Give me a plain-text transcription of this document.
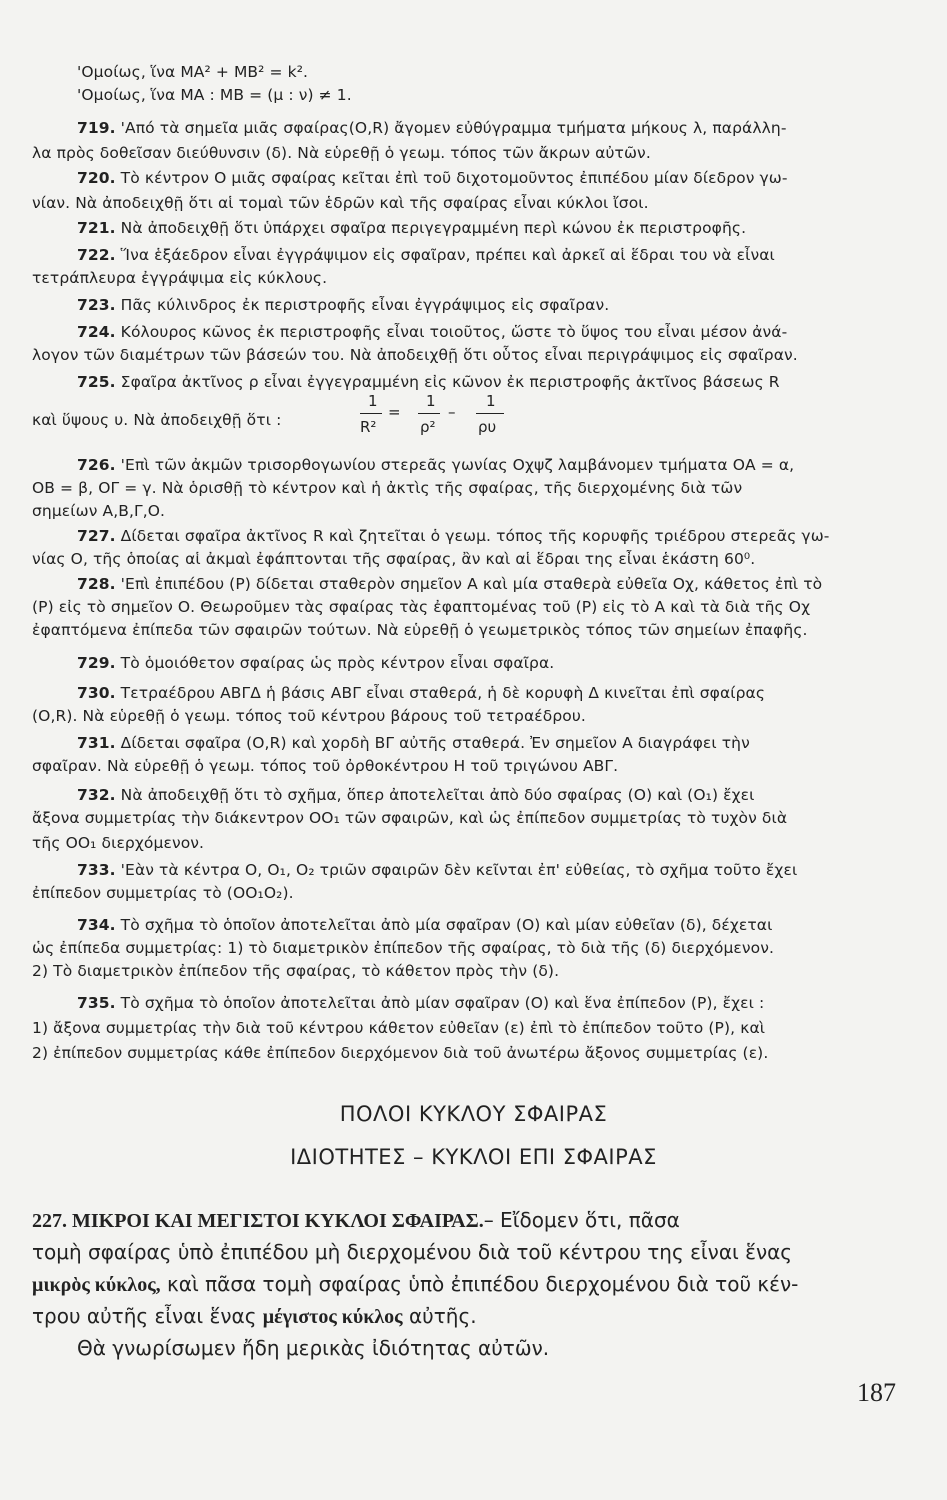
'Ομοίως, ἵνα ΜΑ² + ΜΒ² = k².
'Ομοίως, ἵνα ΜΑ : ΜΒ = (μ : ν) ≠ 1.
719. 'Από τὰ σημεῖα μιᾶς σφαίρας(Ο,R) ἄγομεν εὐθύγραμμα τμήματα μήκους λ, παράλλη-
λα πρὸς δοθεῖσαν διεύθυνσιν (δ). Νὰ εὑρεθῇ ὁ γεωμ. τόπος τῶν ἄκρων αὐτῶν.
720. Τὸ κέντρον Ο μιᾶς σφαίρας κεῖται ἐπὶ τοῦ διχοτομοῦντος ἐπιπέδου μίαν δίεδρον γω-
νίαν. Νὰ ἀποδειχθῇ ὅτι αἱ τομαὶ τῶν ἑδρῶν καὶ τῆς σφαίρας εἶναι κύκλοι ἴσοι.
721. Νὰ ἀποδειχθῇ ὅτι ὑπάρχει σφαῖρα περιγεγραμμένη περὶ κώνου ἐκ περιστροφῆς.
722. Ἵνα ἑξάεδρον εἶναι ἐγγράψιμον εἰς σφαῖραν, πρέπει καὶ ἀρκεῖ αἱ ἕδραι του νὰ εἶναι
τετράπλευρα ἐγγράψιμα εἰς κύκλους.
723. Πᾶς κύλινδρος ἐκ περιστροφῆς εἶναι ἐγγράψιμος εἰς σφαῖραν.
724. Κόλουρος κῶνος ἐκ περιστροφῆς εἶναι τοιοῦτος, ὥστε τὸ ὕψος του εἶναι μέσον ἀνά-
λογον τῶν διαμέτρων τῶν βάσεών του. Νὰ ἀποδειχθῇ ὅτι οὗτος εἶναι περιγράψιμος εἰς σφαῖραν.
725. Σφαῖρα ἀκτῖνος ρ εἶναι ἐγγεγραμμένη εἰς κῶνον ἐκ περιστροφῆς ἀκτῖνος βάσεως R
καὶ ὕψους υ. Νὰ ἀποδειχθῇ ὅτι :
726. 'Επὶ τῶν ἀκμῶν τρισορθογωνίου στερεᾶς γωνίας Οχψζ λαμβάνομεν τμήματα ΟΑ = α,
ΟΒ = β, ΟΓ = γ. Νὰ ὁρισθῇ τὸ κέντρον καὶ ἡ ἀκτὶς τῆς σφαίρας, τῆς διερχομένης διὰ τῶν
σημείων Α,Β,Γ,Ο.
727. Δίδεται σφαῖρα ἀκτῖνος R καὶ ζητεῖται ὁ γεωμ. τόπος τῆς κορυφῆς τριέδρου στερεᾶς γω-
νίας Ο, τῆς ὁποίας αἱ ἀκμαὶ ἐφάπτονται τῆς σφαίρας, ἂν καὶ αἱ ἕδραι της εἶναι ἑκάστη 60⁰.
728. 'Επὶ ἐπιπέδου (Ρ) δίδεται σταθερὸν σημεῖον Α καὶ μία σταθερὰ εὐθεῖα Οχ, κάθετος ἐπὶ τὸ
(Ρ) εἰς τὸ σημεῖον Ο. Θεωροῦμεν τὰς σφαίρας τὰς ἐφαπτομένας τοῦ (Ρ) εἰς τὸ Α καὶ τὰ διὰ τῆς Οχ
ἐφαπτόμενα ἐπίπεδα τῶν σφαιρῶν τούτων. Νὰ εὑρεθῇ ὁ γεωμετρικὸς τόπος τῶν σημείων ἐπαφῆς.
729. Τὸ ὁμοιόθετον σφαίρας ὡς πρὸς κέντρον εἶναι σφαῖρα.
730. Τετραέδρου ΑΒΓΔ ἡ βάσις ΑΒΓ εἶναι σταθερά, ἡ δὲ κορυφὴ Δ κινεῖται ἐπὶ σφαίρας
(Ο,R). Νὰ εὑρεθῇ ὁ γεωμ. τόπος τοῦ κέντρου βάρους τοῦ τετραέδρου.
731. Δίδεται σφαῖρα (Ο,R) καὶ χορδὴ ΒΓ αὐτῆς σταθερά. Ἐν σημεῖον Α διαγράφει τὴν
σφαῖραν. Νὰ εὑρεθῇ ὁ γεωμ. τόπος τοῦ ὀρθοκέντρου Η τοῦ τριγώνου ΑΒΓ.
732. Νὰ ἀποδειχθῇ ὅτι τὸ σχῆμα, ὅπερ ἀποτελεῖται ἀπὸ δύο σφαίρας (Ο) καὶ (Ο₁) ἔχει
ἄξονα συμμετρίας τὴν διάκεντρον ΟΟ₁ τῶν σφαιρῶν, καὶ ὡς ἐπίπεδον συμμετρίας τὸ τυχὸν διὰ
τῆς ΟΟ₁ διερχόμενον.
733. 'Εὰν τὰ κέντρα Ο, Ο₁, Ο₂ τριῶν σφαιρῶν δὲν κεῖνται ἐπ' εὐθείας, τὸ σχῆμα τοῦτο ἔχει
ἐπίπεδον συμμετρίας τὸ (ΟΟ₁Ο₂).
734. Τὸ σχῆμα τὸ ὁποῖον ἀποτελεῖται ἀπὸ μία σφαῖραν (Ο) καὶ μίαν εὐθεῖαν (δ), δέχεται
ὡς ἐπίπεδα συμμετρίας: 1) τὸ διαμετρικὸν ἐπίπεδον τῆς σφαίρας, τὸ διὰ τῆς (δ) διερχόμενον.
2) Τὸ διαμετρικὸν ἐπίπεδον τῆς σφαίρας, τὸ κάθετον πρὸς τὴν (δ).
735. Τὸ σχῆμα τὸ ὁποῖον ἀποτελεῖται ἀπὸ μίαν σφαῖραν (Ο) καὶ ἕνα ἐπίπεδον (Ρ), ἔχει :
1) ἄξονα συμμετρίας τὴν διὰ τοῦ κέντρου κάθετον εὐθεῖαν (ε) ἐπὶ τὸ ἐπίπεδον τοῦτο (Ρ), καὶ
2) ἐπίπεδον συμμετρίας κάθε ἐπίπεδον διερχόμενον διὰ τοῦ ἀνωτέρω ἄξονος συμμετρίας (ε).
1
R²
=
1
ρ²
–
1
ρυ
ΠΟΛΟΙ ΚΥΚΛΟΥ ΣΦΑΙΡΑΣ
ΙΔΙΟΤΗΤΕΣ – ΚΥΚΛΟΙ ΕΠΙ ΣΦΑΙΡΑΣ
227. ΜΙΚΡΟΙ ΚΑΙ ΜΕΓΙΣΤΟΙ ΚΥΚΛΟΙ ΣΦΑΙΡΑΣ.– Εἴδομεν ὅτι, πᾶσα
τομὴ σφαίρας ὑπὸ ἐπιπέδου μὴ διερχομένου διὰ τοῦ κέντρου της εἶναι ἕνας
μικρὸς κύκλος, καὶ πᾶσα τομὴ σφαίρας ὑπὸ ἐπιπέδου διερχομένου διὰ τοῦ κέν-
τρου αὐτῆς εἶναι ἕνας μέγιστος κύκλος αὐτῆς.
Θὰ γνωρίσωμεν ἤδη μερικὰς ἰδιότητας αὐτῶν.
187
